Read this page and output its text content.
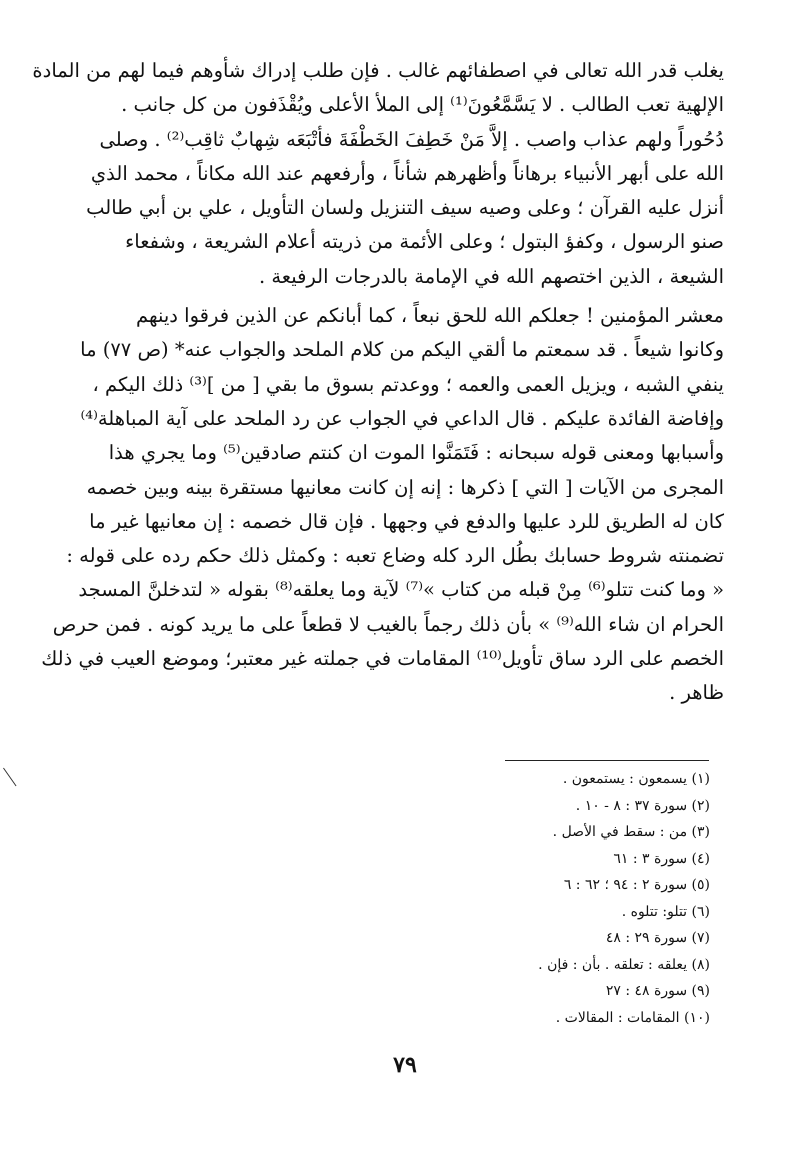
يغلب قدر الله تعالى في اصطفائهم غالب . فإن طلب إدراك شأوهم فيما لهم من المادة
الإلهية تعب الطالب . لا يَسَّمَّعُونَ⁽¹⁾ إلى الملأ الأعلى ويُقْذَفون من كل جانب .
دُحُوراً ولهم عذاب واصب . إلاَّ مَنْ خَطِفَ الخَطْفَةَ فأتْبَعَه شِهابٌ ثاقِب⁽²⁾ . وصلى
الله على أبهر الأنبياء برهاناً وأظهرهم شأناً ، وأرفعهم عند الله مكاناً ، محمد الذي
أنزل عليه القرآن ؛ وعلى وصيه سيف التنزيل ولسان التأويل ، علي بن أبي طالب
صنو الرسول ، وكفؤ البتول ؛ وعلى الأئمة من ذريته أعلام الشريعة ، وشفعاء
الشيعة ، الذين اختصهم الله في الإمامة بالدرجات الرفيعة .
معشر المؤمنين ! جعلكم الله للحق نبعاً ، كما أبانكم عن الذين فرقوا دينهم
وكانوا شيعاً . قد سمعتم ما ألقي اليكم من كلام الملحد والجواب عنه* (ص ٧٧) ما
ينفي الشبه ، ويزيل العمى والعمه ؛ ووعدتم بسوق ما بقي [ من ]⁽³⁾ ذلك اليكم ،
وإفاضة الفائدة عليكم . قال الداعي في الجواب عن رد الملحد على آية المباهلة⁽⁴⁾
وأسبابها ومعنى قوله سبحانه : فَتَمَنَّوا الموت ان كنتم صادقين⁽⁵⁾ وما يجري هذا
المجرى من الآيات [ التي ] ذكرها : إنه إن كانت معانيها مستقرة بينه وبين خصمه
كان له الطريق للرد عليها والدفع في وجهها . فإن قال خصمه : إن معانيها غير ما
تضمنته شروط حسابك بطُل الرد كله وضاع تعبه : وكمثل ذلك حكم رده على قوله :
« وما كنت تتلو⁽⁶⁾ مِنْ قبله من كتاب »⁽⁷⁾ لآية وما يعلقه⁽⁸⁾ بقوله « لتدخلنَّ المسجد
الحرام ان شاء الله⁽⁹⁾ » بأن ذلك رجماً بالغيب لا قطعاً على ما يريد كونه . فمن حرص
الخصم على الرد ساق تأويل⁽¹⁰⁾ المقامات في جملته غير معتبر؛ وموضع العيب في ذلك
ظاهر .
(١) يسمعون : يستمعون .
(٢) سورة ٣٧ : ٨ - ١٠ .
(٣) من : سقط في الأصل .
(٤) سورة ٣ : ٦١
(٥) سورة ٢ : ٩٤ ؛ ٦٢ : ٦
(٦) تتلو: تتلوه .
(٧) سورة ٢٩ : ٤٨
(٨) يعلقه : تعلقه . بأن : فإن .
(٩) سورة ٤٨ : ٢٧
(١٠) المقامات : المقالات .
٧٩
